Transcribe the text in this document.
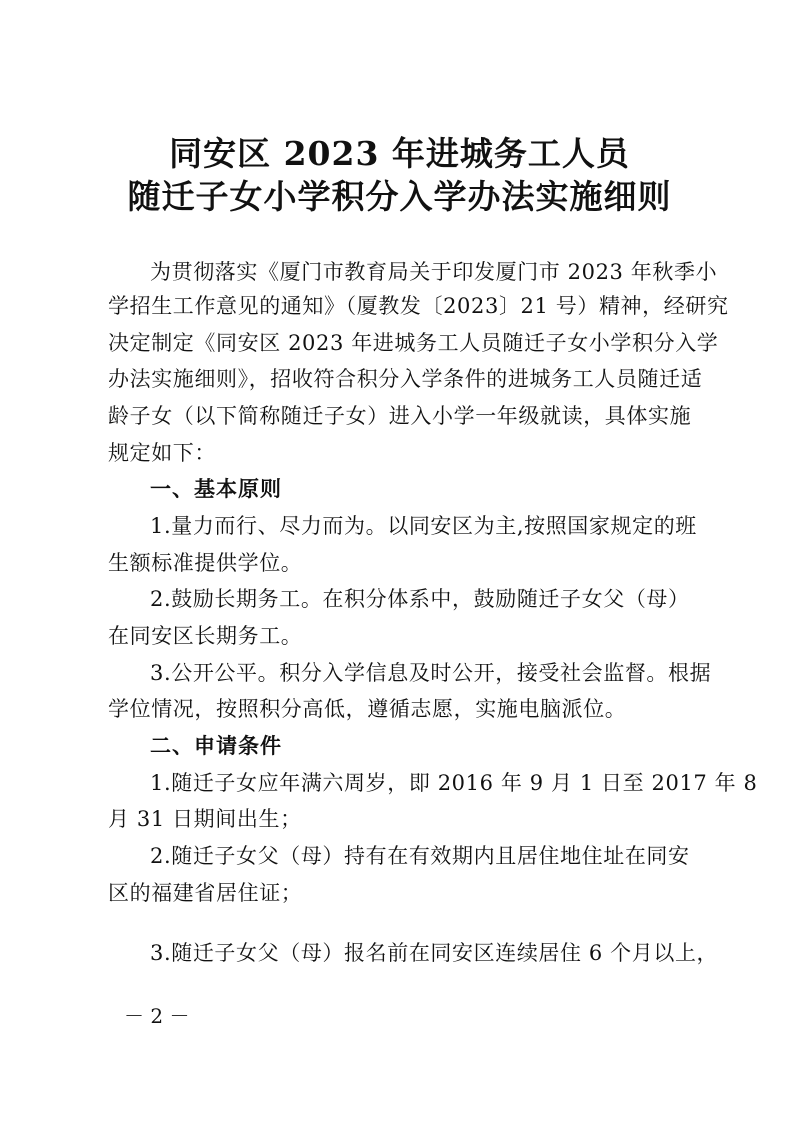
同安区 2023 年进城务工人员
随迁子女小学积分入学办法实施细则
为贯彻落实《厦门市教育局关于印发厦门市 2023 年秋季小
学招生工作意见的通知》（厦教发〔2023〕21 号）精神，经研究
决定制定《同安区 2023 年进城务工人员随迁子女小学积分入学
办法实施细则》，招收符合积分入学条件的进城务工人员随迁适
龄子女（以下简称随迁子女）进入小学一年级就读，具体实施
规定如下：
一、基本原则
1.量力而行、尽力而为。以同安区为主,按照国家规定的班
生额标准提供学位。
2.鼓励长期务工。在积分体系中，鼓励随迁子女父（母）
在同安区长期务工。
3.公开公平。积分入学信息及时公开，接受社会监督。根据
学位情况，按照积分高低，遵循志愿，实施电脑派位。
二、申请条件
1.随迁子女应年满六周岁，即 2016 年 9 月 1 日至 2017 年 8
月 31 日期间出生；
2.随迁子女父（母）持有在有效期内且居住地住址在同安
区的福建省居住证；
3.随迁子女父（母）报名前在同安区连续居住 6 个月以上，
－ 2 －
